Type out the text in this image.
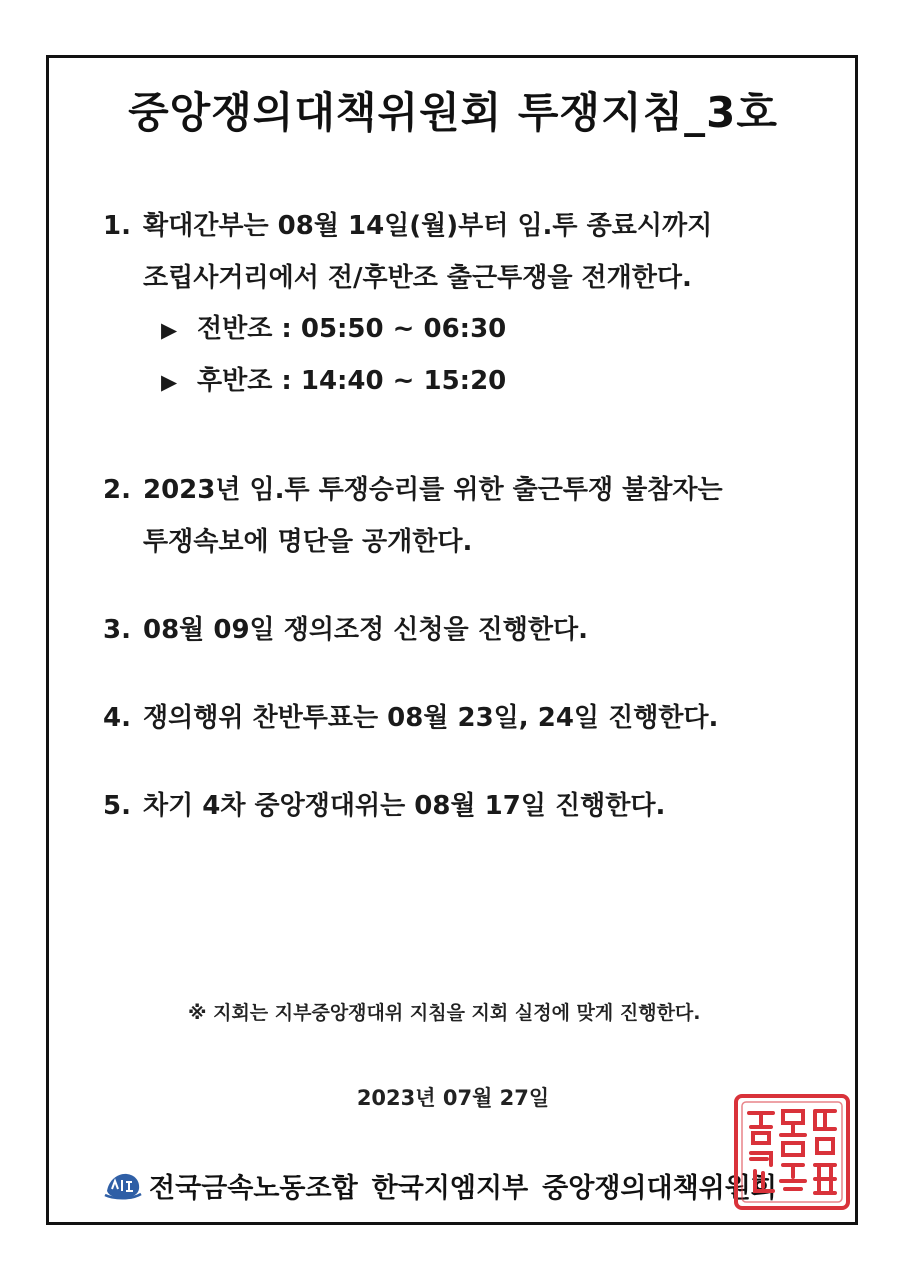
중앙쟁의대책위원회 투쟁지침_3호
1. 확대간부는 08월 14일(월)부터 임.투 종료시까지
조립사거리에서 전/후반조 출근투쟁을 전개한다.
▶ 전반조 : 05:50 ~ 06:30
▶ 후반조 : 14:40 ~ 15:20
2. 2023년 임.투 투쟁승리를 위한 출근투쟁 불참자는
투쟁속보에 명단을 공개한다.
3. 08월 09일 쟁의조정 신청을 진행한다.
4. 쟁의행위 찬반투표는 08월 23일, 24일 진행한다.
5. 차기 4차 중앙쟁대위는 08월 17일 진행한다.
※ 지회는 지부중앙쟁대위 지침을 지회 실정에 맞게 진행한다.
2023년 07월 27일
전국금속노동조합 한국지엠지부 중앙쟁의대책위원회
